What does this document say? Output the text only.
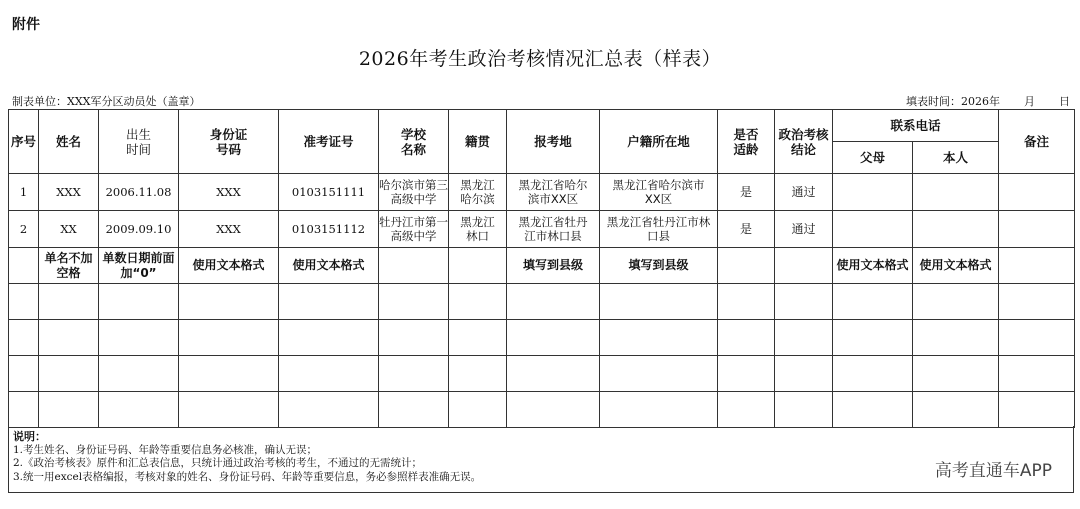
附件
2026年考生政治考核情况汇总表（样表）
制表单位：XXX军分区动员处（盖章）	填表时间：2026年 月 日
序号	姓名	出生时间	身份证号码	准考证号	学校名称	籍贯	报考地	户籍所在地	是否适龄	政治考核结论	联系电话		备注
											父母	本人	
1	XXX	2006.11.08	XXX	0103151111	哈尔滨市第三高级中学	黑龙江哈尔滨	黑龙江省哈尔滨市XX区	黑龙江省哈尔滨市XX区	是	通过			
2	XX	2009.09.10	XXX	0103151112	牡丹江市第一高级中学	黑龙江林口	黑龙江省牡丹江市林口县	黑龙江省牡丹江市林口县	是	通过			
	单名不加空格	单数日期前面加“0”	使用文本格式	使用文本格式			填写到县级	填写到县级			使用文本格式	使用文本格式	

说明：
1.考生姓名、身份证号码、年龄等重要信息务必核准，确认无误；
2.《政治考核表》原件和汇总表信息，只统计通过政治考核的考生，不通过的无需统计；
3.统一用excel表格编报，考核对象的姓名、身份证号码、年龄等重要信息，务必参照样表准确无误。	高考直通车APP
